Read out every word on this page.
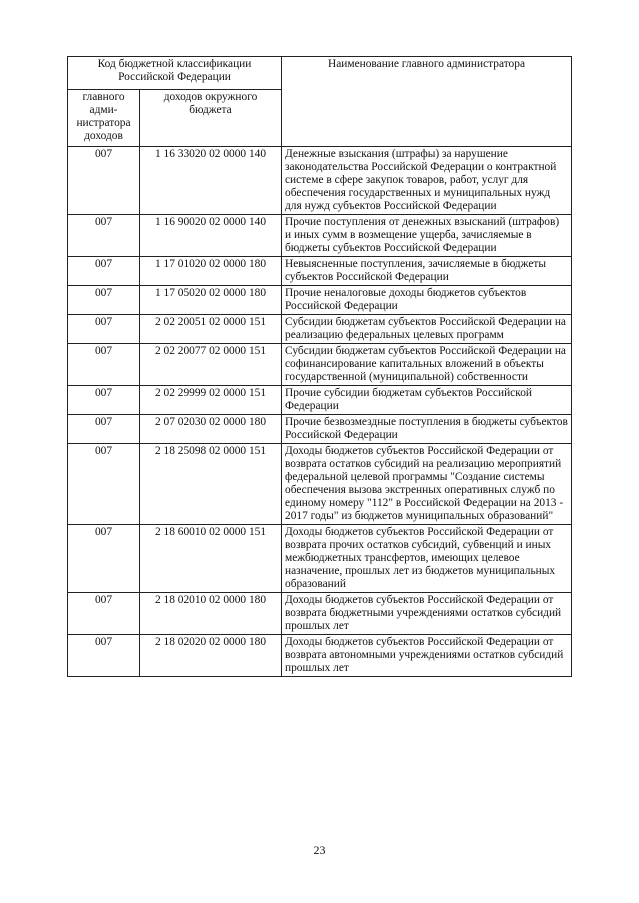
Код бюджетной классификации Российской Федерации		Наименование главного администратора
главного адми-нистратора доходов	доходов окружного бюджета	
007	1 16 33020 02 0000 140	Денежные взыскания (штрафы) за нарушение законодательства Российской Федерации о контрактной системе в сфере закупок товаров, работ, услуг для обеспечения государственных и муниципальных нужд для нужд субъектов Российской Федерации
007	1 16 90020 02 0000 140	Прочие поступления от денежных взысканий (штрафов) и иных сумм в возмещение ущерба, зачисляемые в бюджеты субъектов Российской Федерации
007	1 17 01020 02 0000 180	Невыясненные поступления, зачисляемые в бюджеты субъектов Российской Федерации
007	1 17 05020 02 0000 180	Прочие неналоговые доходы бюджетов субъектов Российской Федерации
007	2 02 20051 02 0000 151	Субсидии бюджетам субъектов Российской Федерации на реализацию федеральных целевых программ
007	2 02 20077 02 0000 151	Субсидии бюджетам субъектов Российской Федерации на софинансирование капитальных вложений в объекты государственной (муниципальной) собственности
007	2 02 29999 02 0000 151	Прочие субсидии бюджетам субъектов Российской Федерации
007	2 07 02030 02 0000 180	Прочие безвозмездные поступления в бюджеты субъектов Российской Федерации
007	2 18 25098 02 0000 151	Доходы бюджетов субъектов Российской Федерации от возврата остатков субсидий на реализацию мероприятий федеральной целевой программы "Создание системы обеспечения вызова экстренных оперативных служб по единому номеру "112" в Российской Федерации на 2013 - 2017 годы" из бюджетов муниципальных образований"
007	2 18 60010 02 0000 151	Доходы бюджетов субъектов Российской Федерации от возврата прочих остатков субсидий, субвенций и иных межбюджетных трансфертов, имеющих целевое назначение, прошлых лет из бюджетов муниципальных образований
007	2 18 02010 02 0000 180	Доходы бюджетов субъектов Российской Федерации от возврата бюджетными учреждениями остатков субсидий прошлых лет
007	2 18 02020 02 0000 180	Доходы бюджетов субъектов Российской Федерации от возврата автономными учреждениями остатков субсидий прошлых лет
23
